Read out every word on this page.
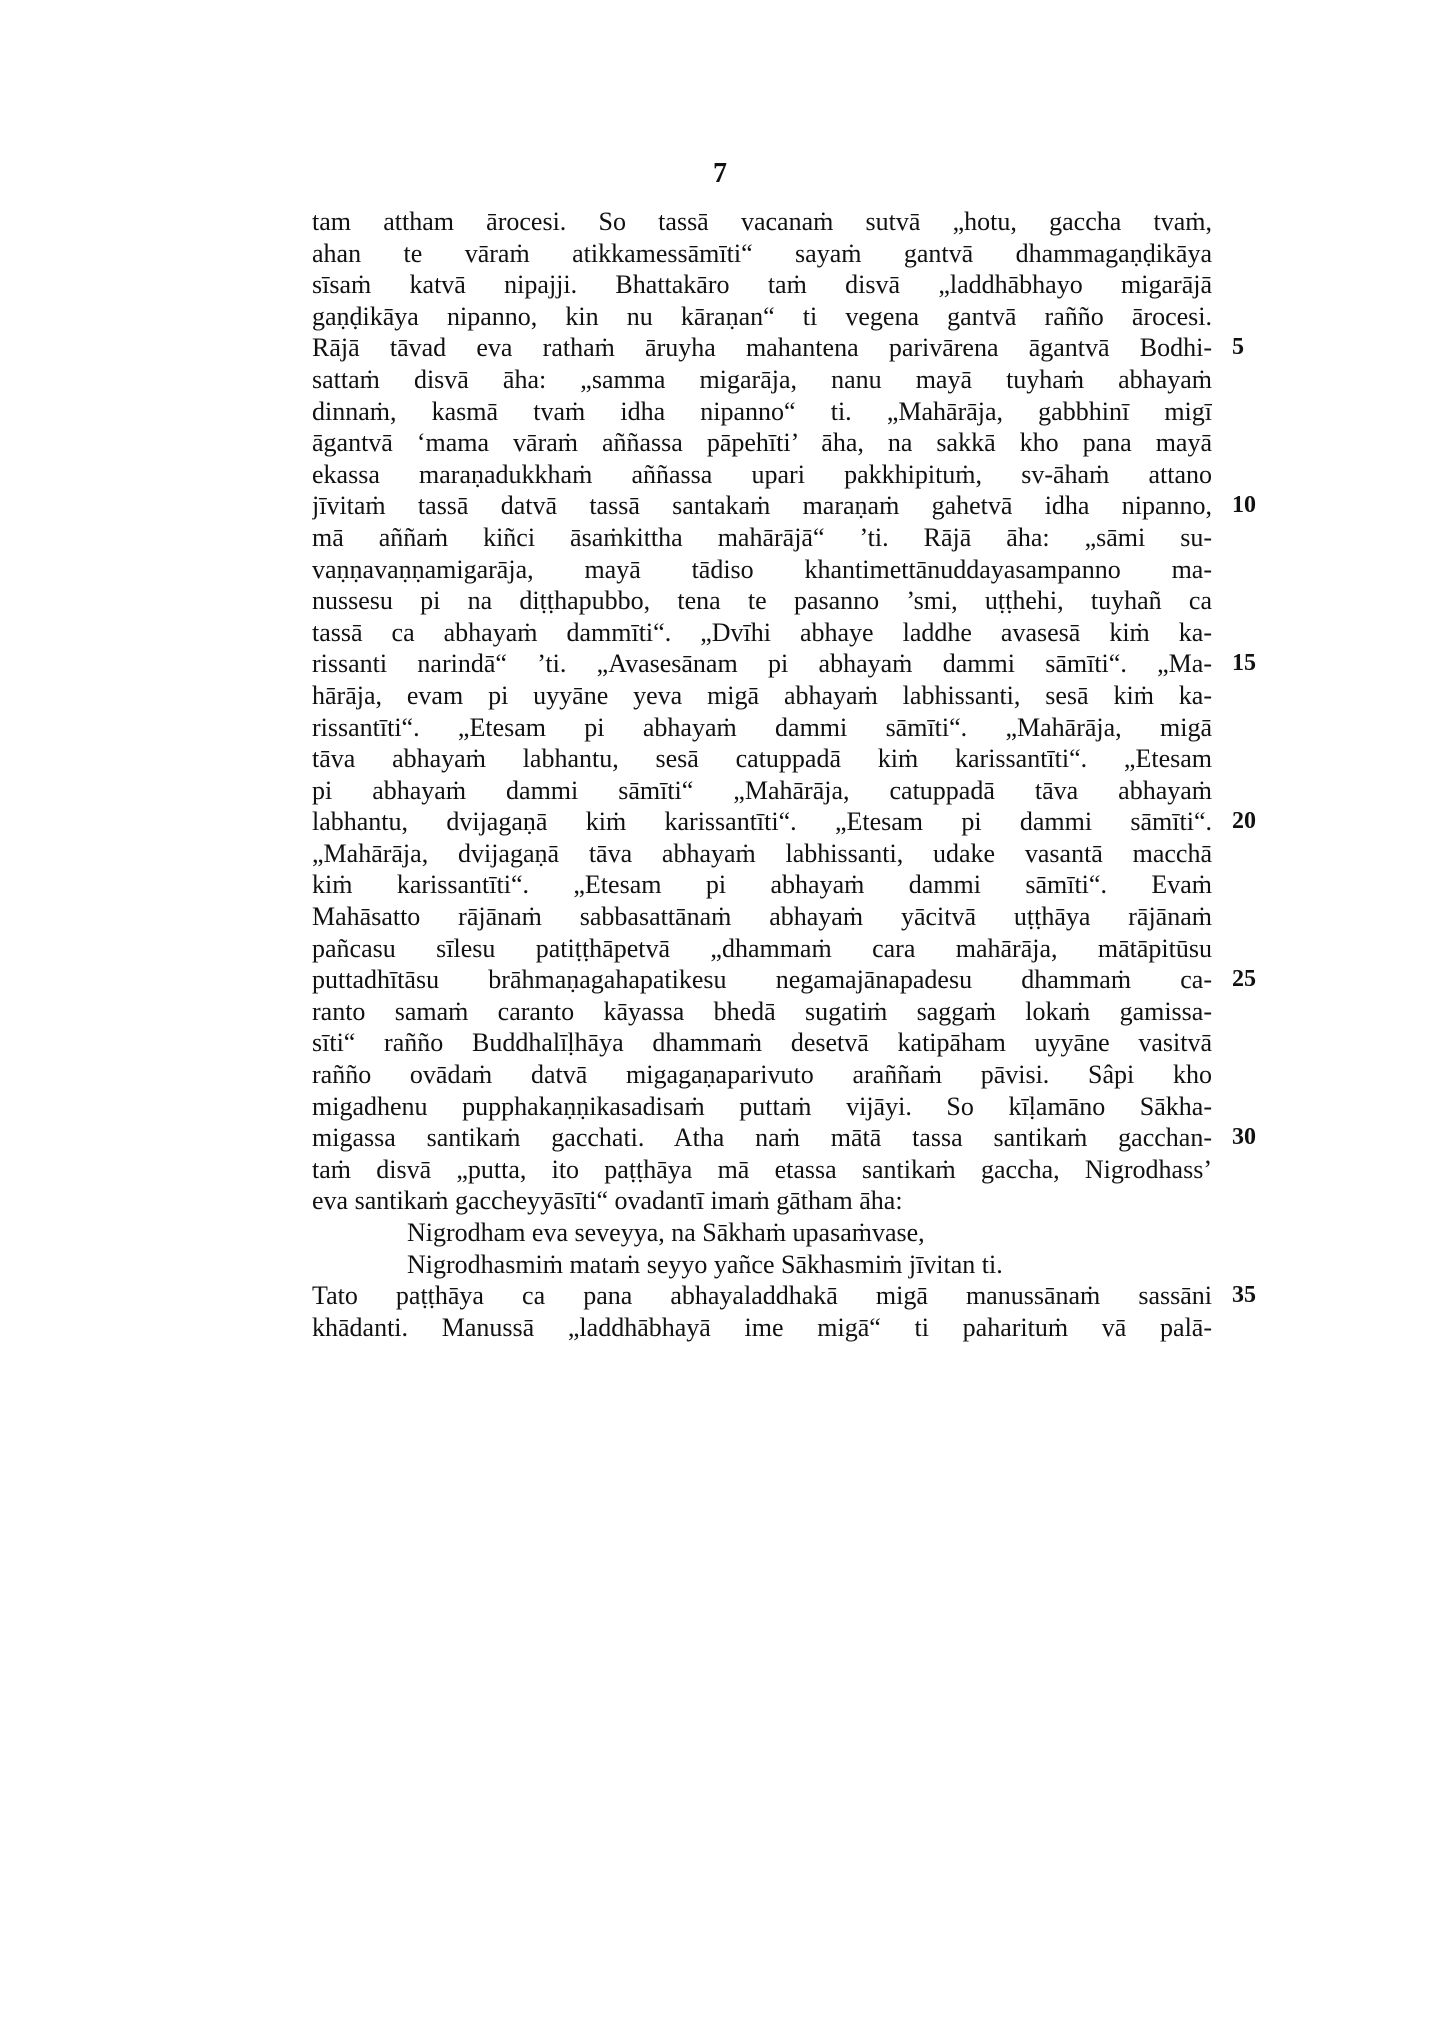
7
tam attham ārocesi. So tassā vacanaṁ sutvā „hotu, gaccha tvaṁ,
ahan te vāraṁ atikkamessāmīti“ sayaṁ gantvā dhammagaṇḍikāya
sīsaṁ katvā nipajji. Bhattakāro taṁ disvā „laddhābhayo migarājā
gaṇḍikāya nipanno, kin nu kāraṇan“ ti vegena gantvā rañño ārocesi.
Rājā tāvad eva rathaṁ āruyha mahantena parivārena āgantvā Bodhi- 5
sattaṁ disvā āha: „samma migarāja, nanu mayā tuyhaṁ abhayaṁ
dinnaṁ, kasmā tvaṁ idha nipanno“ ti. „Mahārāja, gabbhinī migī
āgantvā ‘mama vāraṁ aññassa pāpehīti’ āha, na sakkā kho pana mayā
ekassa maraṇadukkhaṁ aññassa upari pakkhipituṁ, sv-āhaṁ attano
jīvitaṁ tassā datvā tassā santakaṁ maraṇaṁ gahetvā idha nipanno, 10
mā aññaṁ kiñci āsaṁkittha mahārājā“ ’ti. Rājā āha: „sāmi su-
vaṇṇavaṇṇamigarāja, mayā tādiso khantimettānuddayasampanno ma-
nussesu pi na diṭṭhapubbo, tena te pasanno ’smi, uṭṭhehi, tuyhañ ca
tassā ca abhayaṁ dammīti“. „Dvīhi abhaye laddhe avasesā kiṁ ka-
rissanti narindā“ ’ti. „Avasesānam pi abhayaṁ dammi sāmīti“. „Ma- 15
hārāja, evam pi uyyāne yeva migā abhayaṁ labhissanti, sesā kiṁ ka-
rissantīti“. „Etesam pi abhayaṁ dammi sāmīti“. „Mahārāja, migā
tāva abhayaṁ labhantu, sesā catuppadā kiṁ karissantīti“. „Etesam
pi abhayaṁ dammi sāmīti“ „Mahārāja, catuppadā tāva abhayaṁ
labhantu, dvijagaṇā kiṁ karissantīti“. „Etesam pi dammi sāmīti“. 20
„Mahārāja, dvijagaṇā tāva abhayaṁ labhissanti, udake vasantā macchā
kiṁ karissantīti“. „Etesam pi abhayaṁ dammi sāmīti“. Evaṁ
Mahāsatto rājānaṁ sabbasattānaṁ abhayaṁ yācitvā uṭṭhāya rājānaṁ
pañcasu sīlesu patiṭṭhāpetvā „dhammaṁ cara mahārāja, mātāpitūsu
puttadhītāsu brāhmaṇagahapatikesu negamajānapadesu dhammaṁ ca- 25
ranto samaṁ caranto kāyassa bhedā sugatiṁ saggaṁ lokaṁ gamissa-
sīti“ rañño Buddhalīḷhāya dhammaṁ desetvā katipāham uyyāne vasitvā
rañño ovādaṁ datvā migagaṇaparivuto araññaṁ pāvisi. Sâpi kho
migadhenu pupphakaṇṇikasadisaṁ puttaṁ vijāyi. So kīḷamāno Sākha-
migassa santikaṁ gacchati. Atha naṁ mātā tassa santikaṁ gacchan- 30
taṁ disvā „putta, ito paṭṭhāya mā etassa santikaṁ gaccha, Nigrodhass’
eva santikaṁ gaccheyyāsīti“ ovadantī imaṁ gātham āha:
Nigrodham eva seveyya, na Sākhaṁ upasaṁvase,
Nigrodhasmiṁ mataṁ seyyo yañce Sākhasmiṁ jīvitan ti.
Tato paṭṭhāya ca pana abhayaladdhakā migā manussānaṁ sassāni 35
khādanti. Manussā „laddhābhayā ime migā“ ti paharituṁ vā palā-
